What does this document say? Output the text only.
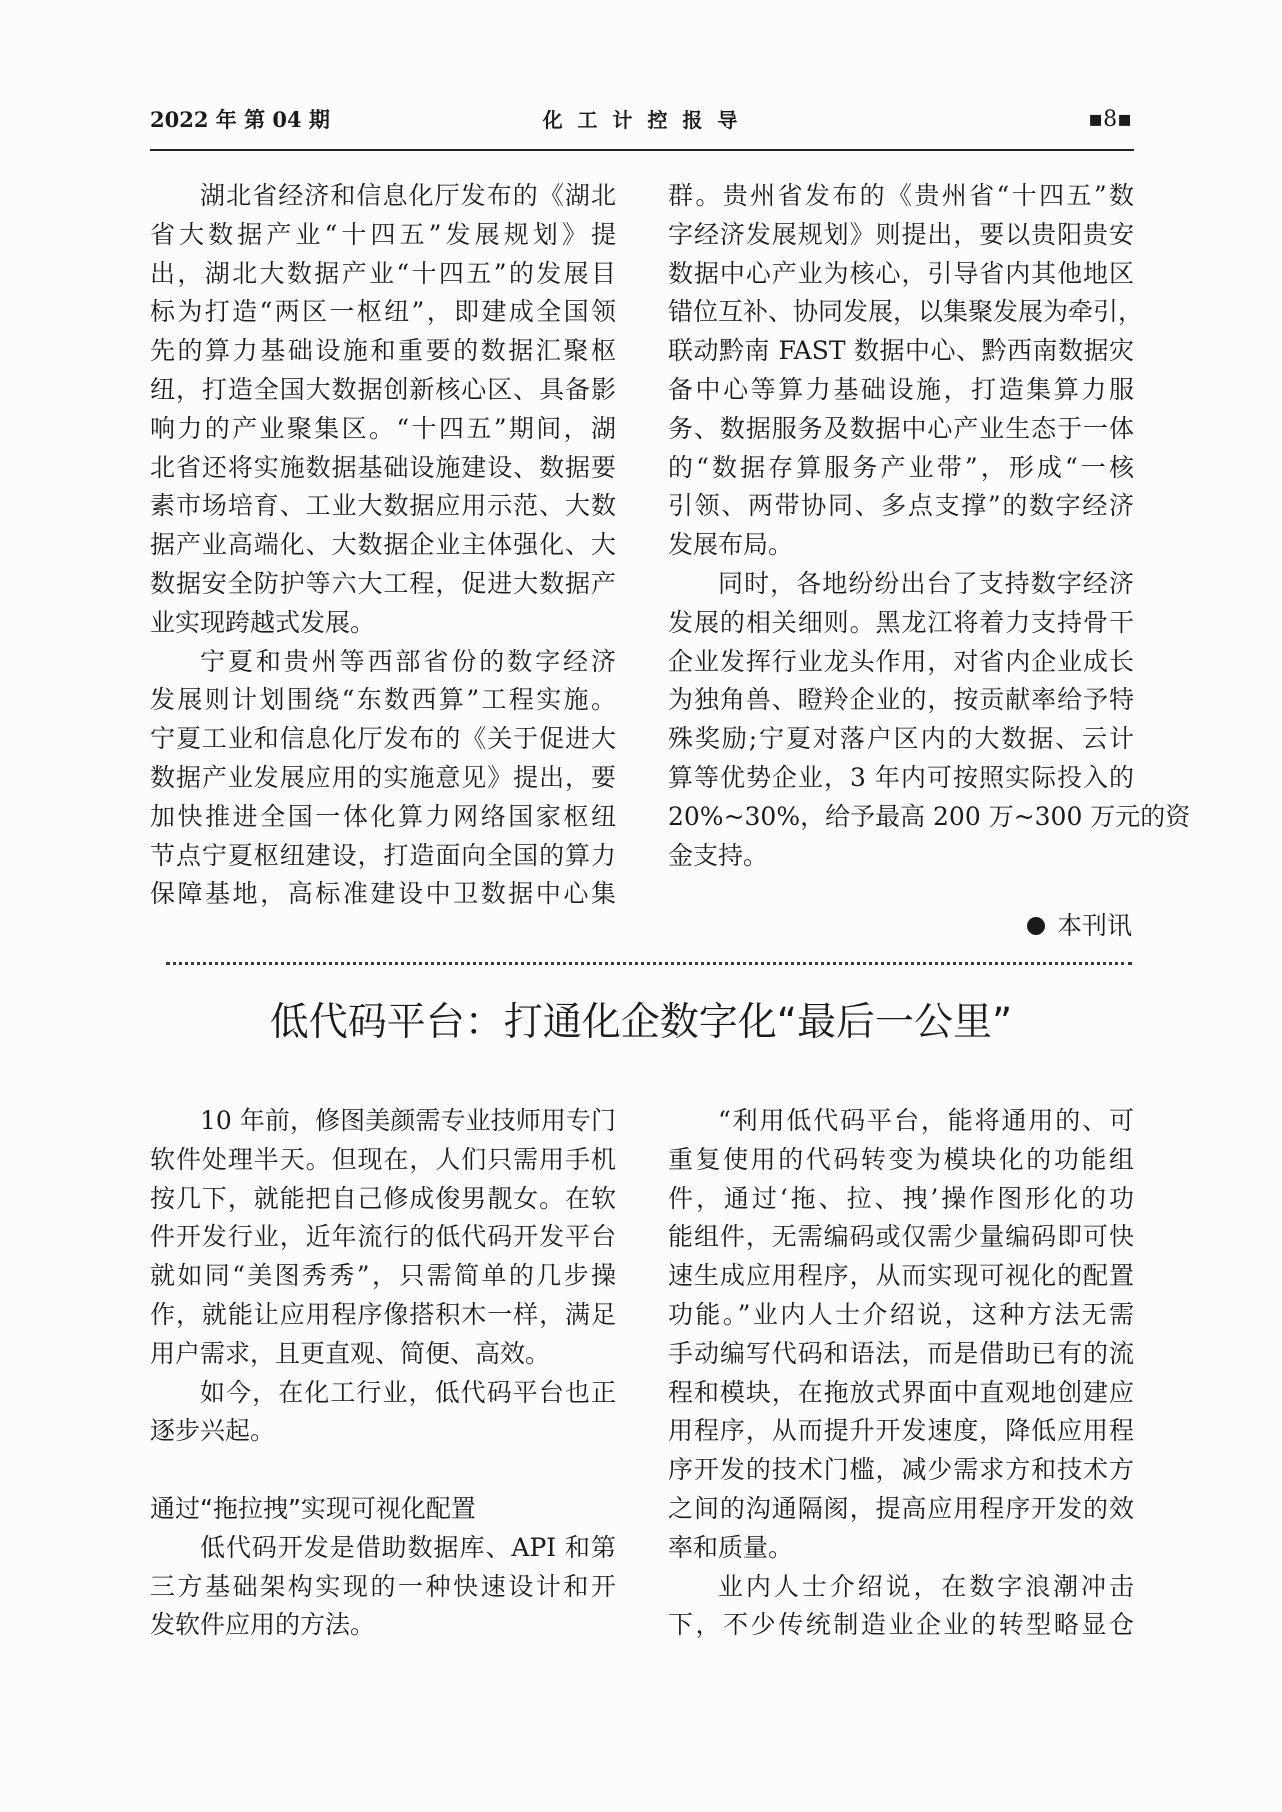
2022 年 第 04 期	化 工 计 控 报 导	▪8▪
湖北省经济和信息化厅发布的《湖北
省大数据产业“十四五”发展规划》提
出，湖北大数据产业“十四五”的发展目
标为打造“两区一枢纽”，即建成全国领
先的算力基础设施和重要的数据汇聚枢
纽，打造全国大数据创新核心区、具备影
响力的产业聚集区。“十四五”期间，湖
北省还将实施数据基础设施建设、数据要
素市场培育、工业大数据应用示范、大数
据产业高端化、大数据企业主体强化、大
数据安全防护等六大工程，促进大数据产
业实现跨越式发展。
宁夏和贵州等西部省份的数字经济
发展则计划围绕“东数西算”工程实施。
宁夏工业和信息化厅发布的《关于促进大
数据产业发展应用的实施意见》提出，要
加快推进全国一体化算力网络国家枢纽
节点宁夏枢纽建设，打造面向全国的算力
保障基地，高标准建设中卫数据中心集
群。贵州省发布的《贵州省“十四五”数
字经济发展规划》则提出，要以贵阳贵安
数据中心产业为核心，引导省内其他地区
错位互补、协同发展，以集聚发展为牵引，
联动黔南 FAST 数据中心、黔西南数据灾
备中心等算力基础设施，打造集算力服
务、数据服务及数据中心产业生态于一体
的“数据存算服务产业带”，形成“一核
引领、两带协同、多点支撑”的数字经济
发展布局。
同时，各地纷纷出台了支持数字经济
发展的相关细则。黑龙江将着力支持骨干
企业发挥行业龙头作用，对省内企业成长
为独角兽、瞪羚企业的，按贡献率给予特
殊奖励;宁夏对落户区内的大数据、云计
算等优势企业，3 年内可按照实际投入的
20%~30%，给予最高 200 万~300 万元的资
金支持。
本刊讯
低代码平台：打通化企数字化“最后一公里”
10 年前，修图美颜需专业技师用专门
软件处理半天。但现在，人们只需用手机
按几下，就能把自己修成俊男靓女。在软
件开发行业，近年流行的低代码开发平台
就如同“美图秀秀”，只需简单的几步操
作，就能让应用程序像搭积木一样，满足
用户需求，且更直观、简便、高效。
如今，在化工行业，低代码平台也正
逐步兴起。
通过“拖拉拽”实现可视化配置
低代码开发是借助数据库、API 和第
三方基础架构实现的一种快速设计和开
发软件应用的方法。
“利用低代码平台，能将通用的、可
重复使用的代码转变为模块化的功能组
件，通过‘拖、拉、拽’操作图形化的功
能组件，无需编码或仅需少量编码即可快
速生成应用程序，从而实现可视化的配置
功能。”业内人士介绍说，这种方法无需
手动编写代码和语法，而是借助已有的流
程和模块，在拖放式界面中直观地创建应
用程序，从而提升开发速度，降低应用程
序开发的技术门槛，减少需求方和技术方
之间的沟通隔阂，提高应用程序开发的效
率和质量。
业内人士介绍说，在数字浪潮冲击
下，不少传统制造业企业的转型略显仓
